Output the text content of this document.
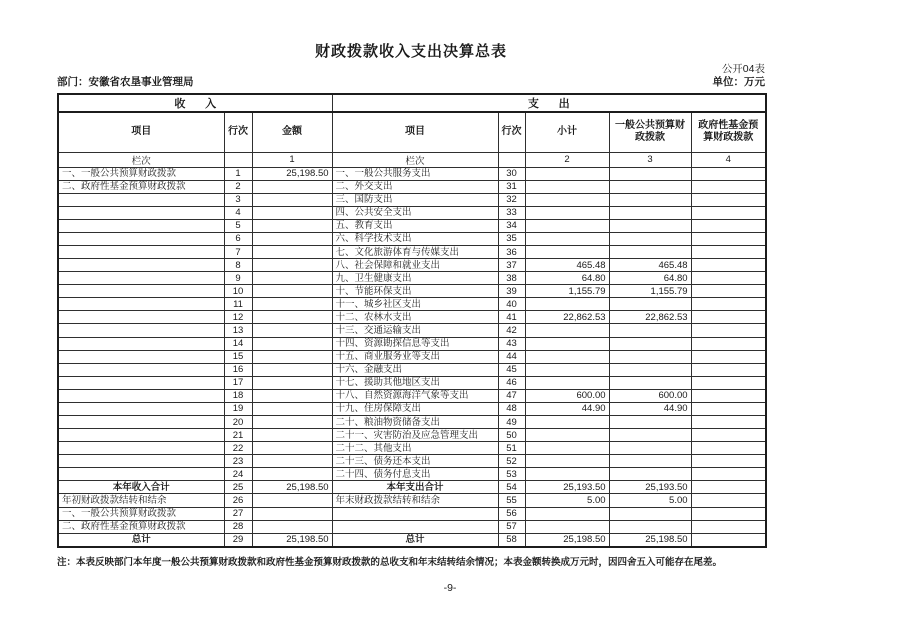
财政拨款收入支出决算总表
公开04表
部门：安徽省农垦事业管理局	单位：万元
收入			支出				
项目	行次	金额	项目	行次	小计	一般公共预算财政拨款	政府性基金预算财政拨款
栏次		1	栏次		2	3	4
一、一般公共预算财政拨款	1	25,198.50	一、一般公共服务支出	30			
二、政府性基金预算财政拨款	2		二、外交支出	31			
	3		三、国防支出	32			
	4		四、公共安全支出	33			
	5		五、教育支出	34			
	6		六、科学技术支出	35			
	7		七、文化旅游体育与传媒支出	36			
	8		八、社会保障和就业支出	37	465.48	465.48	
	9		九、卫生健康支出	38	64.80	64.80	
	10		十、节能环保支出	39	1,155.79	1,155.79	
	11		十一、城乡社区支出	40			
	12		十二、农林水支出	41	22,862.53	22,862.53	
	13		十三、交通运输支出	42			
	14		十四、资源勘探信息等支出	43			
	15		十五、商业服务业等支出	44			
	16		十六、金融支出	45			
	17		十七、援助其他地区支出	46			
	18		十八、自然资源海洋气象等支出	47	600.00	600.00	
	19		十九、住房保障支出	48	44.90	44.90	
	20		二十、粮油物资储备支出	49			
	21		二十一、灾害防治及应急管理支出	50			
	22		二十二、其他支出	51			
	23		二十三、债务还本支出	52			
	24		二十四、债务付息支出	53			
本年收入合计	25	25,198.50	本年支出合计	54	25,193.50	25,193.50	
年初财政拨款结转和结余	26		年末财政拨款结转和结余	55	5.00	5.00	
一、一般公共预算财政拨款	27			56			
二、政府性基金预算财政拨款	28			57			
总计	29	25,198.50	总计	58	25,198.50	25,198.50	
注：本表反映部门本年度一般公共预算财政拨款和政府性基金预算财政拨款的总收支和年末结转结余情况；本表金额转换成万元时，因四舍五入可能存在尾差。
-9-
